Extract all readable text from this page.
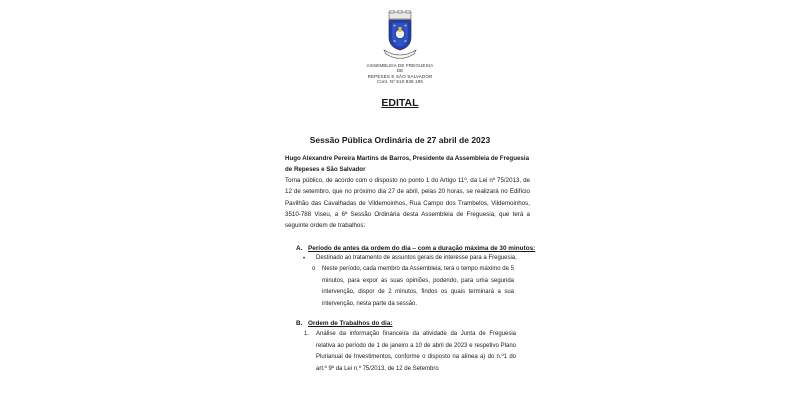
ASSEMBLEIA DE FREGUESIA
DE
REPESES E SÃO SALVADOR
Cont. Nº 510 838 185
EDITAL
Sessão Pública Ordinária de 27 abril de 2023
Hugo Alexandre Pereira Martins de Barros, Presidente da Assembleia de Freguesia de Repeses e São Salvador
Torna público, de acordo com o disposto no ponto 1 do Artigo 11º, da Lei nº 75/2013, de 12 de setembro, que no próximo dia 27 de abril, pelas 20 horas, se realizará no Edifício Pavilhão das Cavalhadas de Vildemoinhos, Rua Campo dos Trambelos, Vildemoinhos, 3510-788 Viseu, a 6ª Sessão Ordinária desta Assembleia de Freguesia, que terá a seguinte ordem de trabalhos:
A. Período de antes da ordem do dia – com a duração máxima de 30 minutos:
• Destinado ao tratamento de assuntos gerais de interesse para a Freguesia,
o Neste período, cada membro da Assembleia, terá o tempo máximo de 5 minutos, para expor as suas opiniões, podendo, para uma segunda intervenção, dispor de 2 minutos, findos os quais terminará a sua intervenção, nesta parte da sessão.
B. Ordem de Trabalhos do dia:
1. Análise da informação financeira da atividade da Junta de Freguesia relativa ao período de 1 de janeiro a 10 de abril de 2023 e respetivo Plano Plurianual de Investimentos, conforme o disposto na alínea a) do n.º1 do art.º 9º da Lei n.º 75/2013, de 12 de Setembro
